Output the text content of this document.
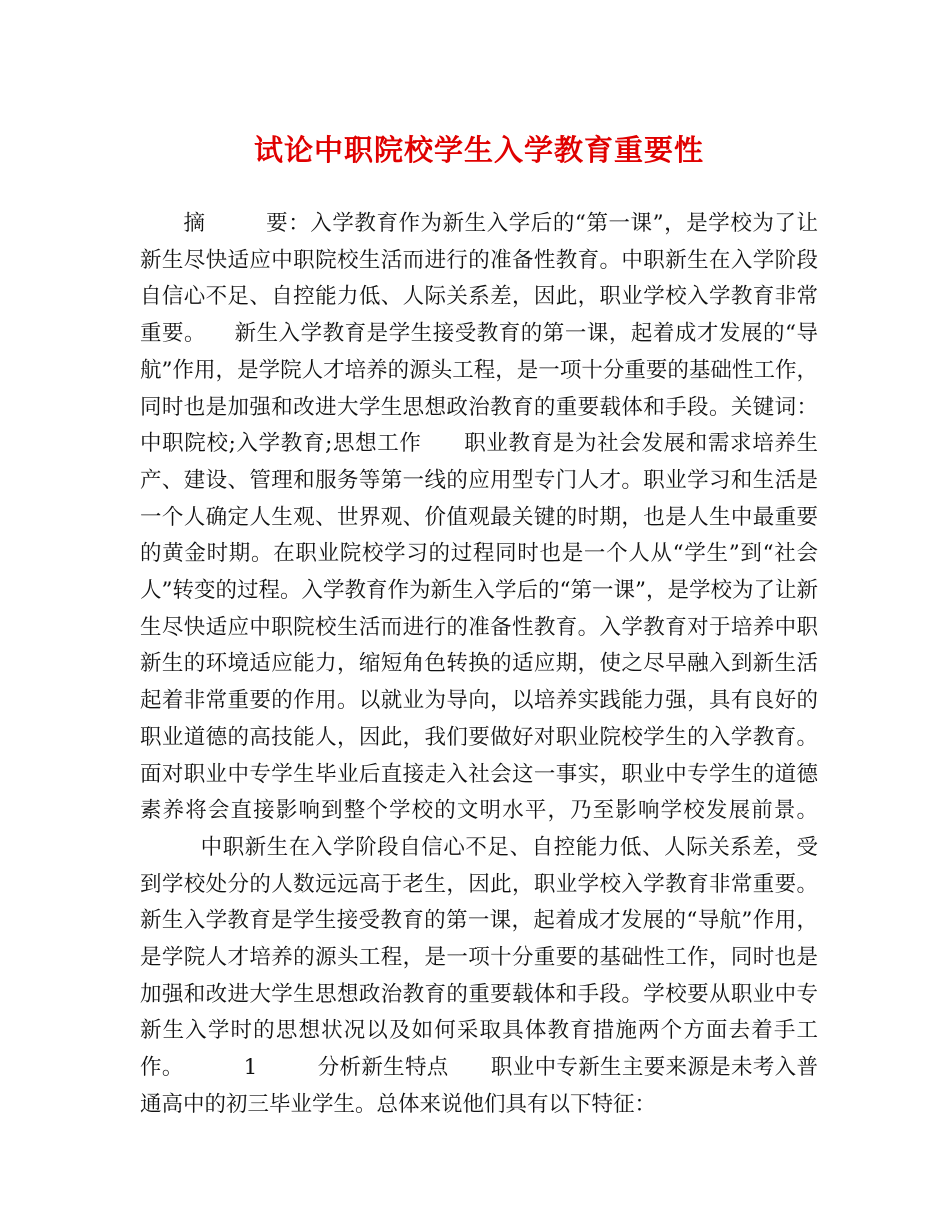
试论中职院校学生入学教育重要性

摘	要：入学教育作为新生入学后的“第一课”，是学校为了让新生尽快适应中职院校生活而进行的准备性教育。中职新生在入学阶段自信心不足、自控能力低、人际关系差，因此，职业学校入学教育非常重要。 新生入学教育是学生接受教育的第一课，起着成才发展的“导航”作用，是学院人才培养的源头工程，是一项十分重要的基础性工作，同时也是加强和改进大学生思想政治教育的重要载体和手段。关键词：中职院校;入学教育;思想工作 职业教育是为社会发展和需求培养生产、建设、管理和服务等第一线的应用型专门人才。职业学习和生活是一个人确定人生观、世界观、价值观最关键的时期，也是人生中最重要的黄金时期。在职业院校学习的过程同时也是一个人从“学生”到“社会人”转变的过程。入学教育作为新生入学后的“第一课”，是学校为了让新生尽快适应中职院校生活而进行的准备性教育。入学教育对于培养中职新生的环境适应能力，缩短角色转换的适应期，使之尽早融入到新生活起着非常重要的作用。以就业为导向，以培养实践能力强，具有良好的职业道德的高技能人，因此，我们要做好对职业院校学生的入学教育。面对职业中专学生毕业后直接走入社会这一事实，职业中专学生的道德素养将会直接影响到整个学校的文明水平，乃至影响学校发展前景。中职新生在入学阶段自信心不足、自控能力低、人际关系差，受到学校处分的人数远远高于老生，因此，职业学校入学教育非常重要。新生入学教育是学生接受教育的第一课，起着成才发展的“导航”作用，是学院人才培养的源头工程，是一项十分重要的基础性工作，同时也是加强和改进大学生思想政治教育的重要载体和手段。学校要从职业中专新生入学时的思想状况以及如何采取具体教育措施两个方面去着手工作。	1	分析新生特点 职业中专新生主要来源是未考入普通高中的初三毕业学生。总体来说他们具有以下特征：
